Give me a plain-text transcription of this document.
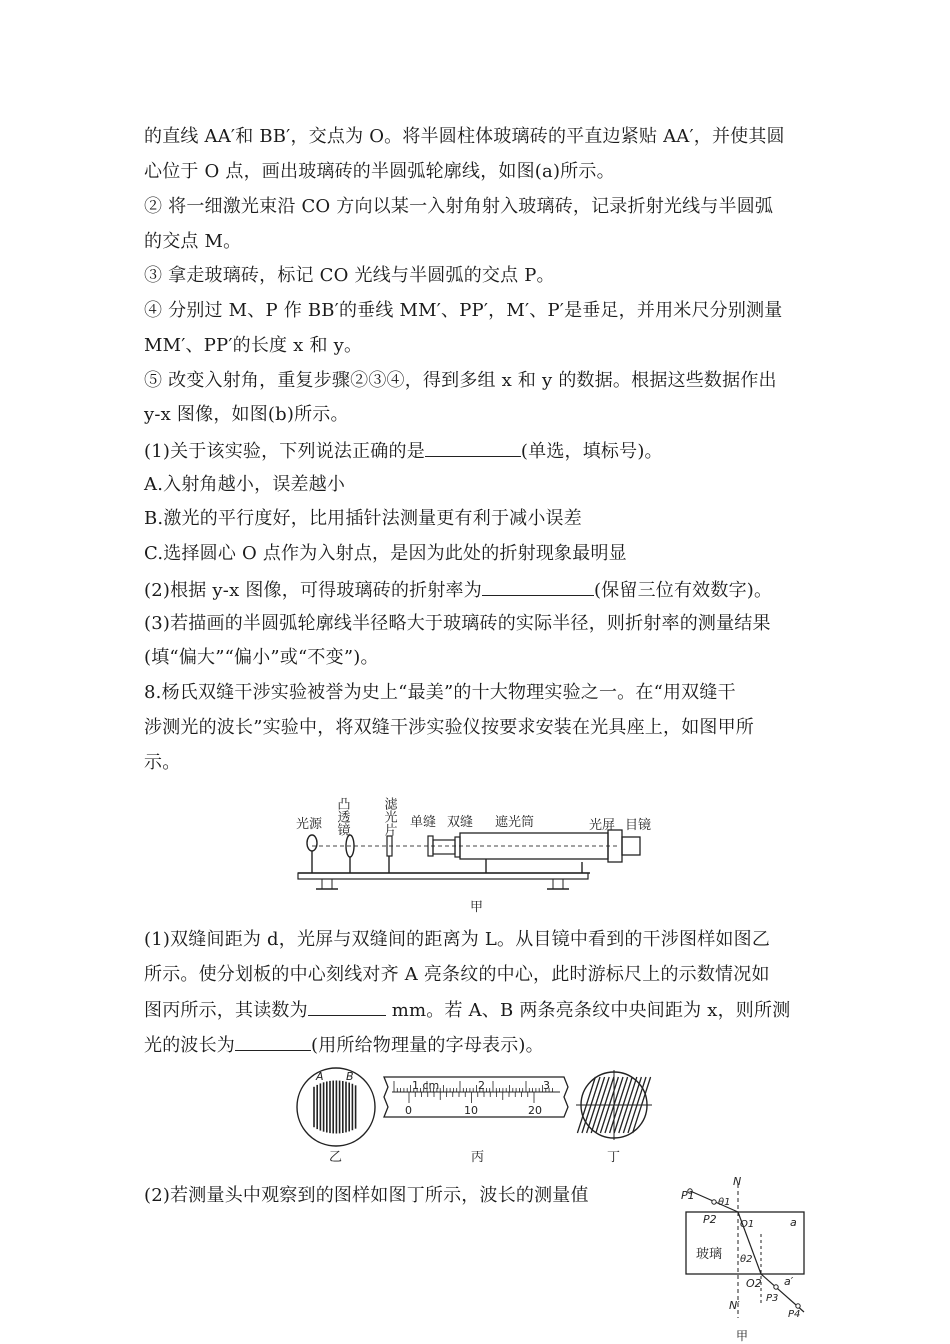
的直线 AA′和 BB′，交点为 O。将半圆柱体玻璃砖的平直边紧贴 AA′，并使其圆
心位于 O 点，画出玻璃砖的半圆弧轮廓线，如图(a)所示。
② 将一细激光束沿 CO 方向以某一入射角射入玻璃砖，记录折射光线与半圆弧
的交点 M。
③ 拿走玻璃砖，标记 CO 光线与半圆弧的交点 P。
④ 分别过 M、P 作 BB′的垂线 MM′、PP′，M′、P′是垂足，并用米尺分别测量
MM′、PP′的长度 x 和 y。
⑤ 改变入射角，重复步骤②③④，得到多组 x 和 y 的数据。根据这些数据作出
y-x 图像，如图(b)所示。
(1)关于该实验，下列说法正确的是	(单选，填标号)。
A.入射角越小，误差越小
B.激光的平行度好，比用插针法测量更有利于减小误差
C.选择圆心 O 点作为入射点，是因为此处的折射现象最明显
(2)根据 y-x 图像，可得玻璃砖的折射率为	(保留三位有效数字)。
(3)若描画的半圆弧轮廓线半径略大于玻璃砖的实际半径，则折射率的测量结果
(填“偏大”“偏小”或“不变”)。
8.杨氏双缝干涉实验被誉为史上“最美”的十大物理实验之一。在“用双缝干
涉测光的波长”实验中，将双缝干涉实验仪按要求安装在光具座上，如图甲所
示。
光源 凸透镜 滤光片 单缝 双缝 遮光筒	光屏 目镜
甲
(1)双缝间距为 d，光屏与双缝间的距离为 L。从目镜中看到的干涉图样如图乙
所示。使分划板的中心刻线对齐 A 亮条纹的中心，此时游标尺上的示数情况如
图丙所示，其读数为	mm。若 A、B 两条亮条纹中央间距为 x，则所测
光的波长为	(用所给物理量的字母表示)。
A B
乙
1 cm	2	3
0	10	20
丙	丁
(2)若测量头中观察到的图样如图丁所示，波长的测量值
N
N′
P1
P2
θ1
O1	a
玻璃 θ2
O2 a′
P3
P4
甲
